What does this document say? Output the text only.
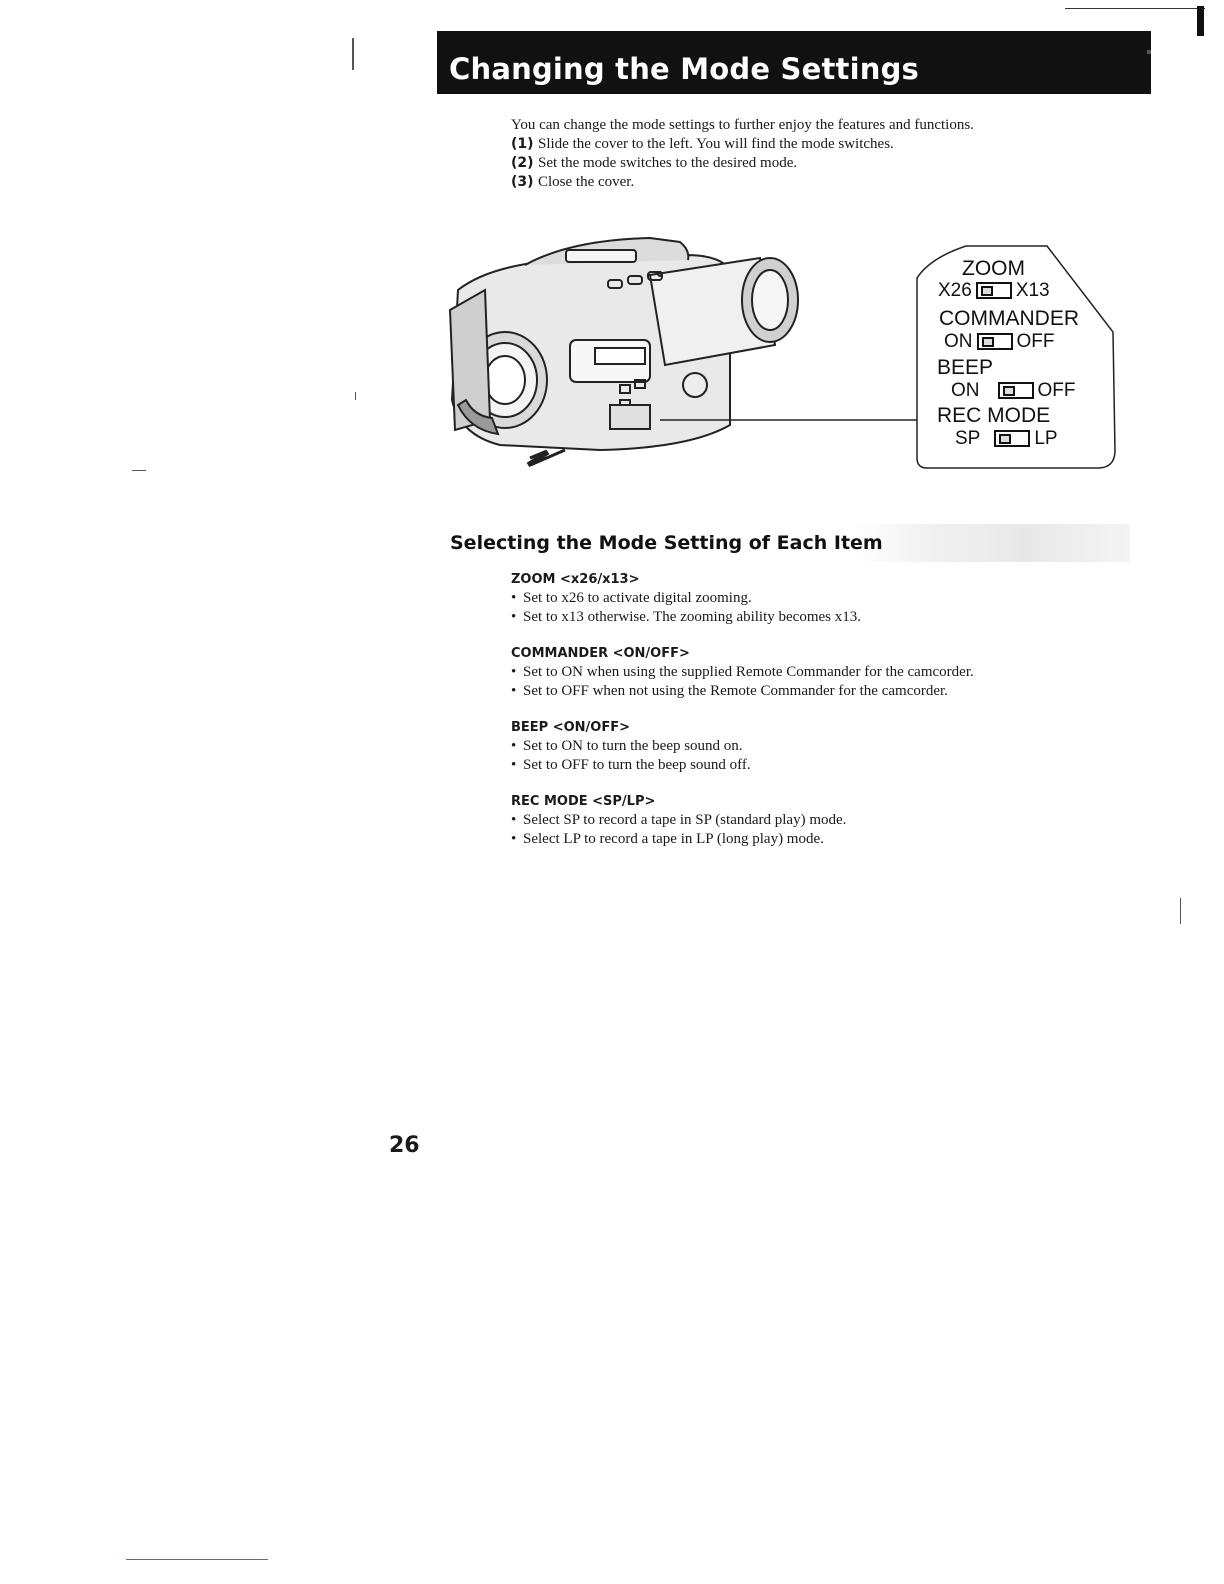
Changing the Mode Settings

You can change the mode settings to further enjoy the features and functions.

(1) Slide the cover to the left. You will find the mode switches.

(2) Set the mode switches to the desired mode.

(3) Close the cover.

ZOOM
X26 X13
COMMANDER
ON OFF
BEEP
ON	OFF
REC MODE
SP	LP
Selecting the Mode Setting of Each Item

ZOOM <x26/x13>

• Set to x26 to activate digital zooming.

• Set to x13 otherwise. The zooming ability becomes x13.

COMMANDER <ON/OFF>

• Set to ON when using the supplied Remote Commander for the camcorder.

• Set to OFF when not using the Remote Commander for the camcorder.

BEEP <ON/OFF>

• Set to ON to turn the beep sound on.

• Set to OFF to turn the beep sound off.

REC MODE <SP/LP>

• Select SP to record a tape in SP (standard play) mode.

• Select LP to record a tape in LP (long play) mode.

26
